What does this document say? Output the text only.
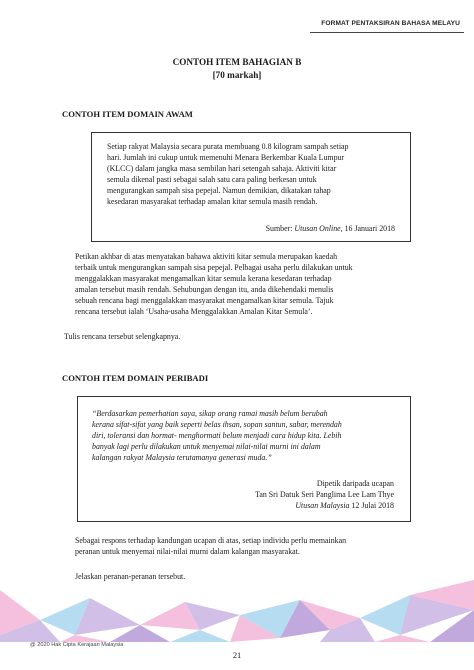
FORMAT PENTAKSIRAN BAHASA MELAYU
CONTOH ITEM BAHAGIAN B
[70 markah]
CONTOH ITEM DOMAIN AWAM
Setiap rakyat Malaysia secara purata membuang 0.8 kilogram sampah setiap
hari. Jumlah ini cukup untuk memenuhi Menara Berkembar Kuala Lumpur
(KLCC) dalam jangka masa sembilan hari setengah sahaja. Aktiviti kitar
semula dikenal pasti sebagai salah satu cara paling berkesan untuk
mengurangkan sampah sisa pepejal. Namun demikian, dikatakan tahap
kesedaran masyarakat terhadap amalan kitar semula masih rendah.
Sumber: Utusan Online, 16 Januari 2018
Petikan akhbar di atas menyatakan bahawa aktiviti kitar semula merupakan kaedah
terbaik untuk mengurangkan sampah sisa pepejal. Pelbagai usaha perlu dilakukan untuk
menggalakkan masyarakat mengamalkan kitar semula kerana kesedaran terhadap
amalan tersebut masih rendah. Sehubungan dengan itu, anda dikehendaki menulis
sebuah rencana bagi menggalakkan masyarakat mengamalkan kitar semula. Tajuk
rencana tersebut ialah ‘Usaha-usaha Menggalakkan Amalan Kitar Semula’.
Tulis rencana tersebut selengkapnya.
CONTOH ITEM DOMAIN PERIBADI
“Berdasarkan pemerhatian saya, sikap orang ramai masih belum berubah
kerana sifat-sifat yang baik seperti belas ihsan, sopan santun, sabar, merendah
diri, toleransi dan hormat- menghormati belum menjadi cara hidup kita. Lebih
banyak lagi perlu dilakukan untuk menyemai nilai-nilai murni ini dalam
kalangan rakyat Malaysia terutamanya generasi muda.”
Dipetik daripada ucapan
Tan Sri Datuk Seri Panglima Lee Lam Thye
Utusan Malaysia 12 Julai 2018
Sebagai respons terhadap kandungan ucapan di atas, setiap individu perlu memainkan
peranan untuk menyemai nilai-nilai murni dalam kalangan masyarakat.
Jelaskan peranan-peranan tersebut.
@ 2020 Hak Cipta Kerajaan Malaysia
21
